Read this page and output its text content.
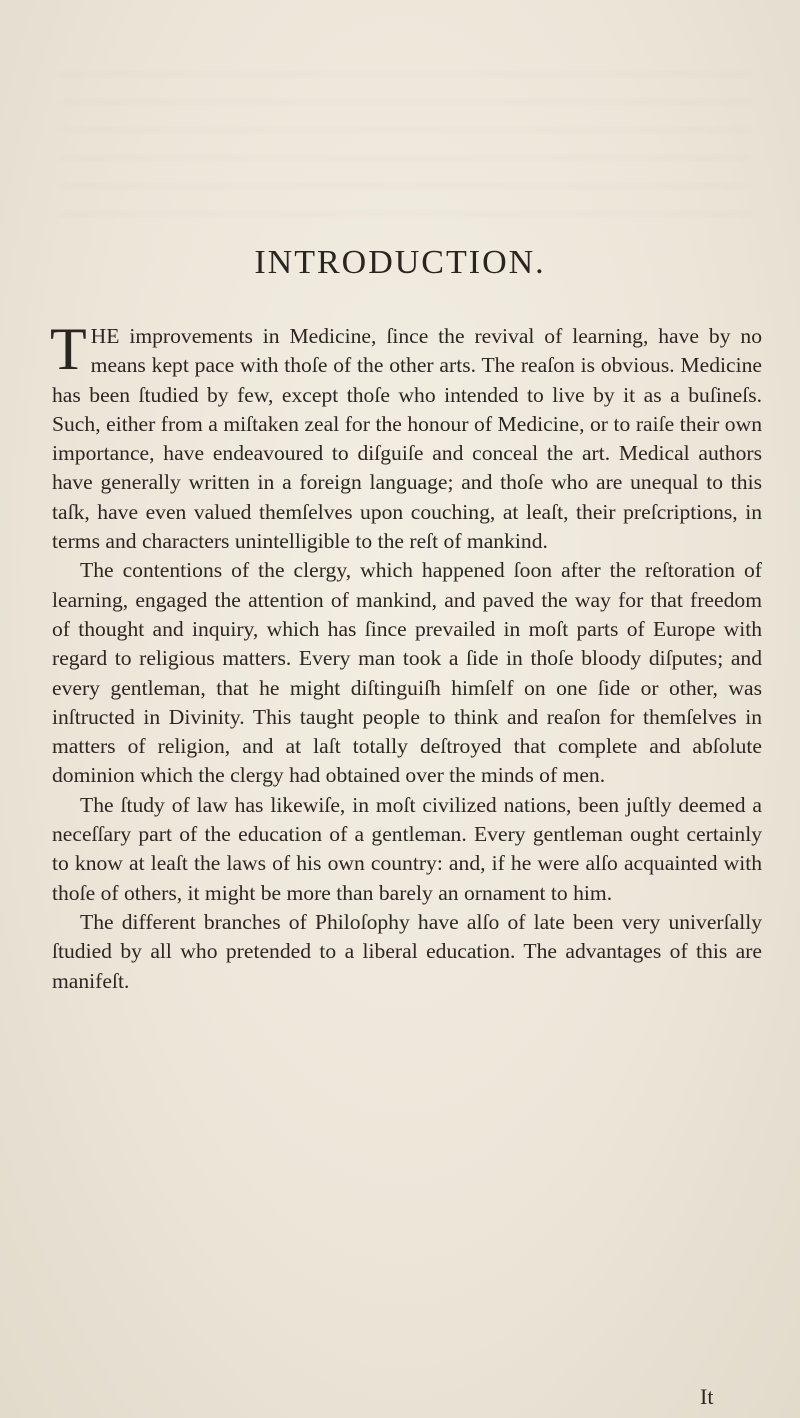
INTRODUCTION.

THE improvements in Medicine, ſince the revival of learning, have by no means kept pace with thoſe of the other arts. The reaſon is obvious. Medicine has been ſtudied by few, except thoſe who intended to live by it as a buſineſs. Such, either from a miſtaken zeal for the honour of Medicine, or to raiſe their own importance, have endeavoured to diſguiſe and conceal the art. Medical authors have generally written in a foreign language; and thoſe who are unequal to this taſk, have even valued themſelves upon couching, at leaſt, their preſcriptions, in terms and characters unintelligible to the reſt of mankind.

The contentions of the clergy, which happened ſoon after the reſtoration of learning, engaged the attention of mankind, and paved the way for that freedom of thought and inquiry, which has ſince prevailed in moſt parts of Europe with regard to religious matters. Every man took a ſide in thoſe bloody diſputes; and every gentleman, that he might diſtinguiſh himſelf on one ſide or other, was inſtructed in Divinity. This taught people to think and reaſon for themſelves in matters of religion, and at laſt totally deſtroyed that complete and abſolute dominion which the clergy had obtained over the minds of men.

The ſtudy of law has likewiſe, in moſt civilized nations, been juſtly deemed a neceſſary part of the education of a gentleman. Every gentleman ought certainly to know at leaſt the laws of his own country: and, if he were alſo acquainted with thoſe of others, it might be more than barely an ornament to him.

The different branches of Philoſophy have alſo of late been very univerſally ſtudied by all who pretended to a liberal education. The advantages of this are manifeſt.

It
